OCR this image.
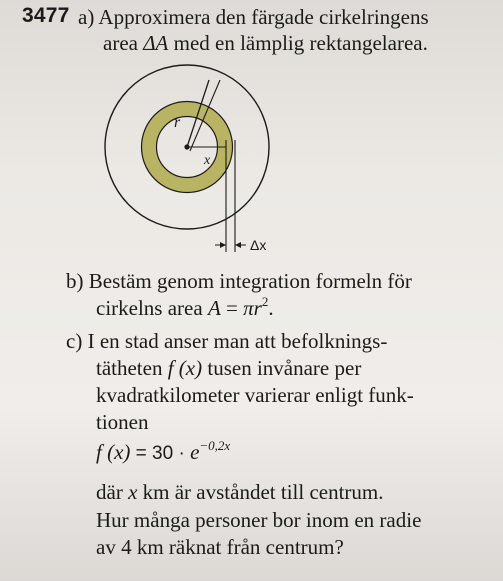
3477 a) Approximera den färgade cirkelringens
area ΔA med en lämplig rektangelarea.
r
x
Δx
b) Bestäm genom integration formeln för
cirkelns area $A = \pi r^2$.
c) I en stad anser man att befolknings-
tätheten f (x) tusen invånare per
kvadratkilometer varierar enligt funk-
tionen
f $(x) = 30 \cdot e^{-0,2x}$
där x km är avståndet till centrum.
Hur många personer bor inom en radie
av 4 km räknat från centrum?
